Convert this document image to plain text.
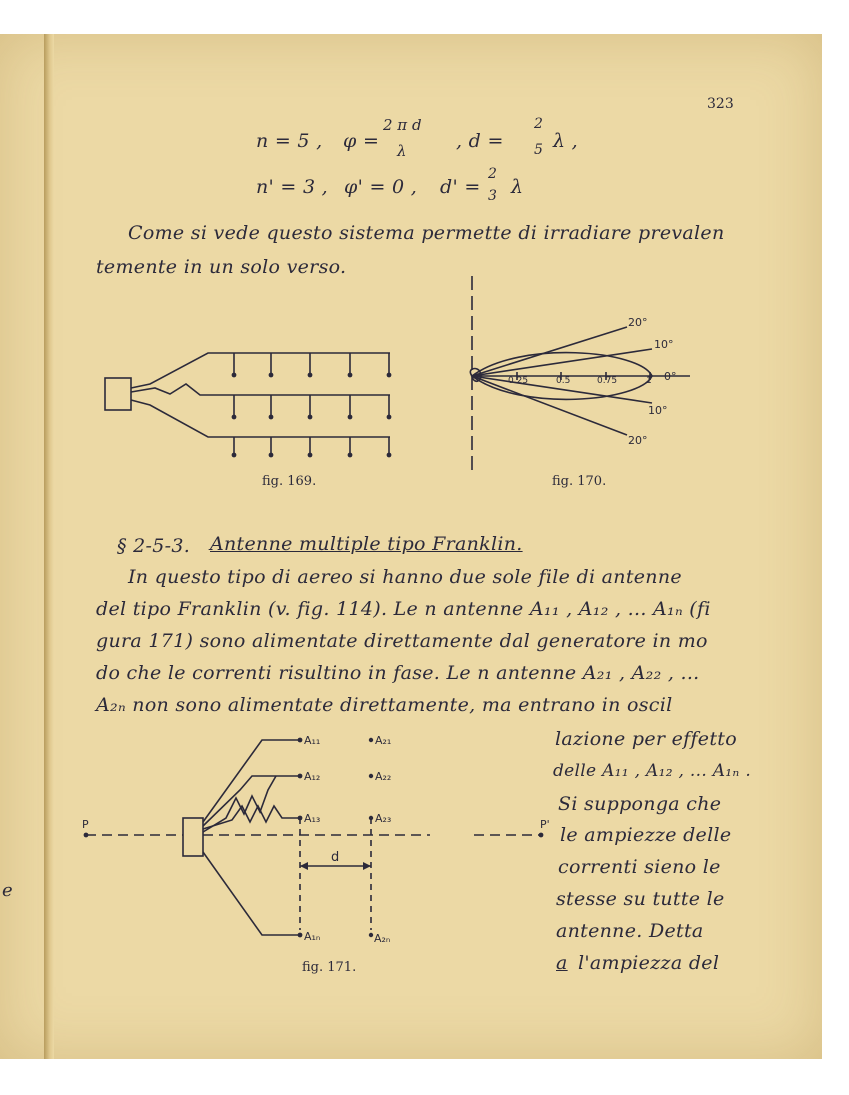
e
323
n = 5 , φ =
2 π d
λ	, d =
2
5 λ ,
n' = 3 , φ' = 0 , d' =
2
3 λ
Come si vede questo sistema permette di irradiare prevalen
temente in un solo verso.
§ 2-5-3. Antenne multiple tipo Franklin.
In questo tipo di aereo si hanno due sole file di antenne
del tipo Franklin (v. fig. 114). Le n antenne A₁₁ , A₁₂ , ... A₁ₙ (fi
gura 171) sono alimentate direttamente dal generatore in mo
do che le correnti risultino in fase. Le n antenne A₂₁ , A₂₂ , ...
A₂ₙ non sono alimentate direttamente, ma entrano in oscil
lazione per effetto
delle A₁₁ , A₁₂ , ... A₁ₙ .
Si supponga che
le ampiezze delle
correnti sieno le
stesse su tutte le
antenne. Detta
a l'ampiezza del
fig. 169.
20°
10°
0°
10°
20°
0.25	0.5	0.75	1
fig. 170.
A₁₁
A₁₂
A₁₃
A₁ₙ
A₂₁
A₂₂
A₂₃
A₂ₙ
P	P'
d
fig. 171.
